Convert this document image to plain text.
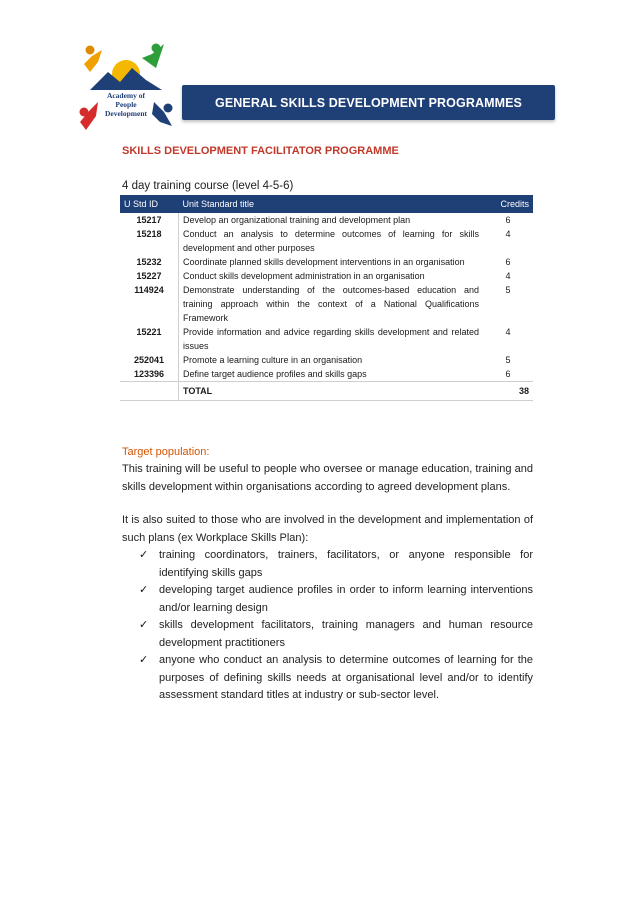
Academy of
People
Development
GENERAL SKILLS DEVELOPMENT PROGRAMMES
SKILLS DEVELOPMENT FACILITATOR PROGRAMME
4 day training course (level 4-5-6)
U Std ID	Unit Standard title	Credits
15217	Develop an organizational training and development plan	6
15218	Conduct an analysis to determine outcomes of learning for skills development and other purposes	4
15232	Coordinate planned skills development interventions in an organisation	6
15227	Conduct skills development administration in an organisation	4
114924	Demonstrate understanding of the outcomes-based education and training approach within the context of a National Qualifications Framework	5
15221	Provide information and advice regarding skills development and related issues	4
252041	Promote a learning culture in an organisation	5
123396	Define target audience profiles and skills gaps	6
	TOTAL	38
Target population:
This training will be useful to people who oversee or manage education, training and skills development within organisations according to agreed development plans.
It is also suited to those who are involved in the development and implementation of such plans (ex Workplace Skills Plan):
✓ training coordinators, trainers, facilitators, or anyone responsible for identifying skills gaps
✓ developing target audience profiles in order to inform learning interventions and/or learning design
✓ skills development facilitators, training managers and human resource development practitioners
✓ anyone who conduct an analysis to determine outcomes of learning for the purposes of defining skills needs at organisational level and/or to identify assessment standard titles at industry or sub-sector level.
